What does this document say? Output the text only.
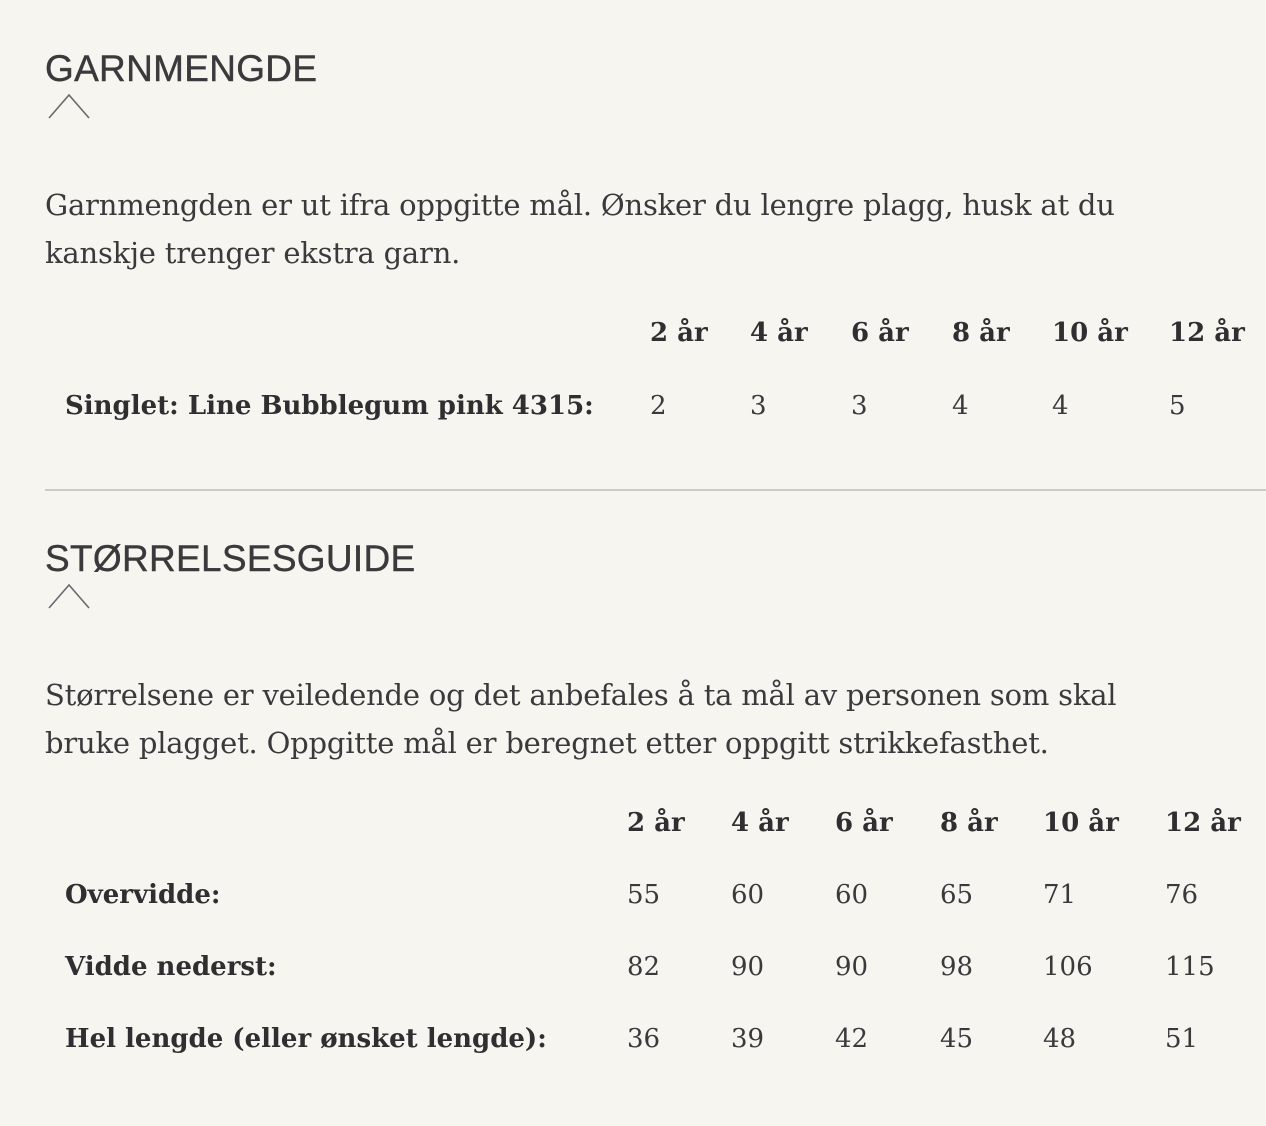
GARNMENGDE

Garnmengden er ut ifra oppgitte mål. Ønsker du lengre plagg, husk at du
kanskje trenger ekstra garn.

2 år 4 år 6 år 8 år 10 år 12 år
Singlet: Line Bubblegum pink 4315: 2	3	3	4	4	5
STØRRELSESGUIDE

Størrelsene er veiledende og det anbefales å ta mål av personen som skal
bruke plagget. Oppgitte mål er beregnet etter oppgitt strikkefasthet.

2 år 4 år 6 år 8 år 10 år 12 år
Overvidde:	55	60	60	65	71	76
Vidde nederst:	82	90	90	98	106	115
Hel lengde (eller ønsket lengde):	36	39	42	45	48	51
